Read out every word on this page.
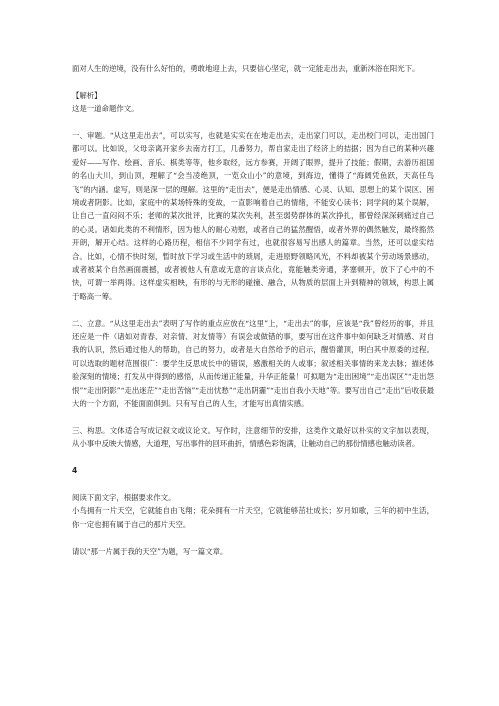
面对人生的逆境，没有什么好怕的，勇敢地迎上去，只要信心坚定，就一定能走出去，重新沐浴在阳光下。

【解析】

这是一道命题作文。

一、审题。“从这里走出去”，可以实写，也就是实实在在地走出去，走出家门可以，走出校门可以，走出国门都可以。比如说，父母亲离开家乡去南方打工，几番努力，帮自家走出了经济上的拮据；因为自己的某种兴趣爱好——写作、绘画、音乐、棋类等等，他乡取经，远方参赛，开阔了眼界，提升了技能；假期，去游历祖国的名山大川，到山顶，理解了“会当凌绝顶，一览众山小”的意境，到海边，懂得了“海阔凭鱼跃，天高任鸟飞”的内涵。虚写，则是深一层的理解。这里的“走出去”，便是走出情感、心灵、认知、思想上的某个误区、困境或者阴影。比如，家庭中的某场特殊的变故，一直影响着自己的情绪，不能安心读书；同学间的某个误解，让自己一直闷闷不乐；老师的某次批评，比赛的某次失利，甚至弱势群体的某次挣扎，都曾经深深刺痛过自己的心灵。诸如此类的不利情形，因为他人的耐心劝慰，或者自己的猛然醒悟，或者外界的偶然触发，最终豁然开朗，解开心结。这样的心路历程，相信不少同学有过，也就很容易写出感人的篇章。当然，还可以虚实结合。比如，心情不快时刻，暂时放下学习或生活中的琐屑，走进原野领略风光，不料却被某个劳动场景感动，或者被某个自然画面震撼，或者被他人有意或无意的言谈点化，竟能触类旁通，茅塞顿开，放下了心中的不快，可谓一举两得。这样虚实相映，有形的与无形的碰撞、融合，从物质的层面上升到精神的领域，构思上属于略高一筹。

二、立意。“从这里走出去”表明了写作的重点应放在“这里”上，“走出去”的事，应该是“我”曾经历的事，并且还应是一件（诸如对青春、对亲情、对友情等）有误会或做错的事，要写出在这件事中如何缺乏对情感、对自我的认识，然后通过他人的帮助，自己的努力，或者是大自然给予的启示，醒悟灌顶，明白其中原委的过程。可以选取的题材范围很广：要学生反思成长中的错误，感激相关的人或事；叙述相关事情的来龙去脉；描述体验深刻的情境；打发从中得到的感悟，从而传递正能量，升华正能量！可拟题为“走出困境”“走出误区”“走出怨恨”“走出阴影”“走出迷茫”“走出苦恼”“走出忧愁”“走出阴霾”“走出自我小天地”等。要写出自己“走出”后收获最大的一个方面，不能面面俱到。只有写自己的人生，才能写出真情实感。

三、构思。文体适合写成记叙文或议论文。写作时，注意细节的安排，这类作文最好以朴实的文字加以表现，从小事中反映大情感，大道理，写出事件的回环曲折，情感色彩饱满，让触动自己的那份情感也触动读者。

4

阅读下面文字，根据要求作文。

小鸟拥有一片天空，它就能自由飞翔；花朵拥有一片天空，它就能够茁壮成长；岁月如歌，三年的初中生活，你一定也拥有属于自己的那片天空。

请以“那一片属于我的天空”为题，写一篇文章。
